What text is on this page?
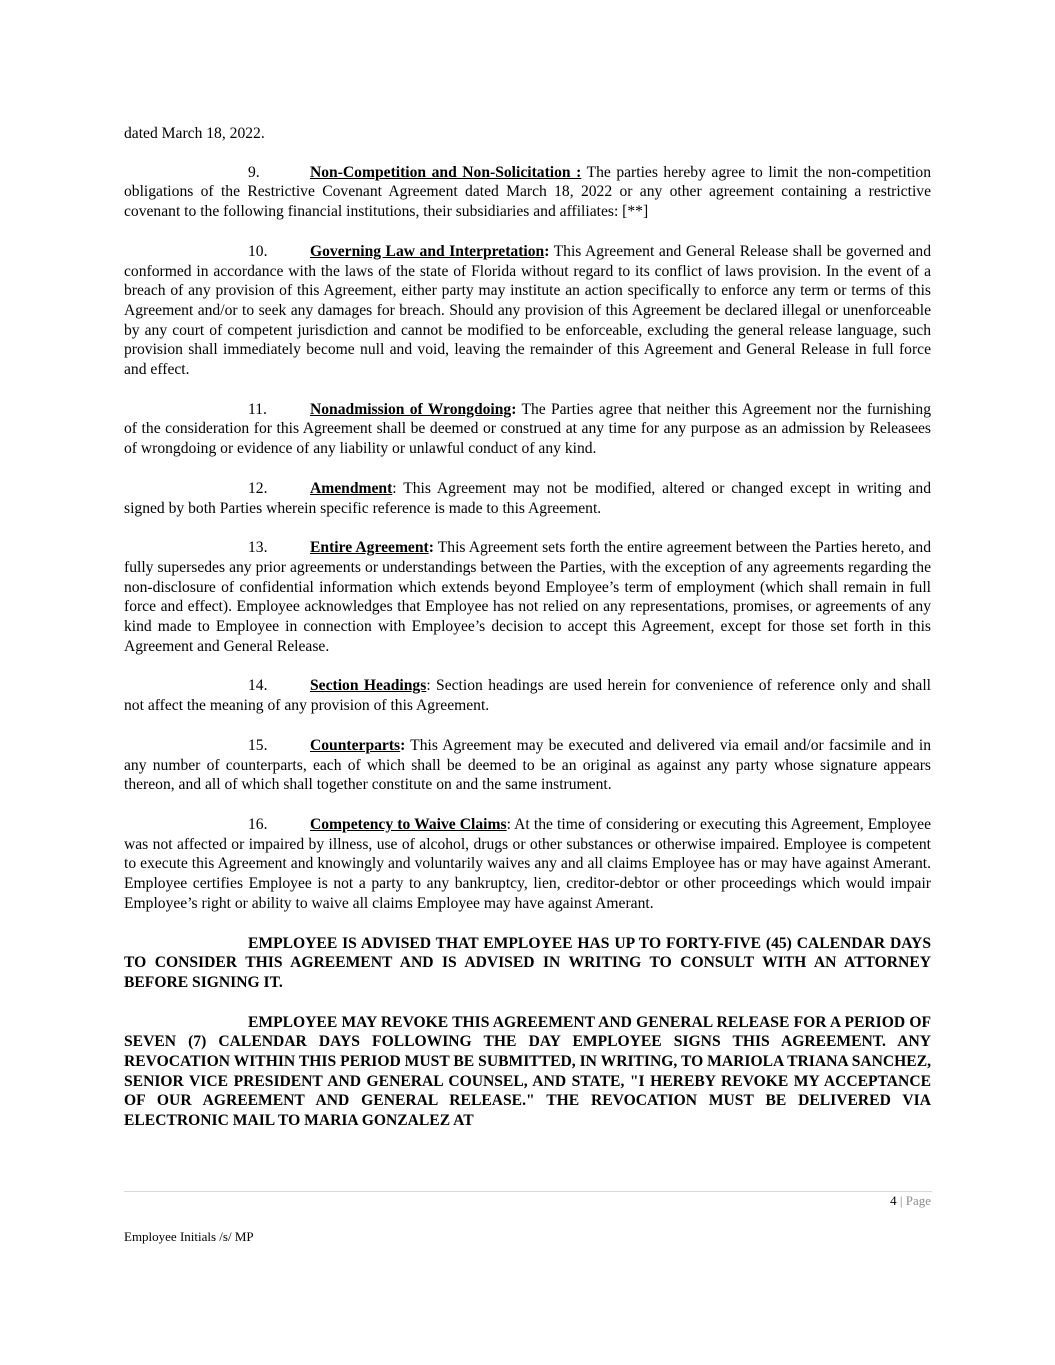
dated March 18, 2022.

9.	Non-Competition and Non-Solicitation : The parties hereby agree to limit the non-competition obligations of the Restrictive Covenant Agreement dated March 18, 2022 or any other agreement containing a restrictive covenant to the following financial institutions, their subsidiaries and affiliates: [**]

10.	Governing Law and Interpretation: This Agreement and General Release shall be governed and conformed in accordance with the laws of the state of Florida without regard to its conflict of laws provision. In the event of a breach of any provision of this Agreement, either party may institute an action specifically to enforce any term or terms of this Agreement and/or to seek any damages for breach. Should any provision of this Agreement be declared illegal or unenforceable by any court of competent jurisdiction and cannot be modified to be enforceable, excluding the general release language, such provision shall immediately become null and void, leaving the remainder of this Agreement and General Release in full force and effect.

11.	Nonadmission of Wrongdoing: The Parties agree that neither this Agreement nor the furnishing of the consideration for this Agreement shall be deemed or construed at any time for any purpose as an admission by Releasees of wrongdoing or evidence of any liability or unlawful conduct of any kind.

12.	Amendment: This Agreement may not be modified, altered or changed except in writing and signed by both Parties wherein specific reference is made to this Agreement.

13.	Entire Agreement: This Agreement sets forth the entire agreement between the Parties hereto, and fully supersedes any prior agreements or understandings between the Parties, with the exception of any agreements regarding the non-disclosure of confidential information which extends beyond Employee’s term of employment (which shall remain in full force and effect). Employee acknowledges that Employee has not relied on any representations, promises, or agreements of any kind made to Employee in connection with Employee’s decision to accept this Agreement, except for those set forth in this Agreement and General Release.

14.	Section Headings: Section headings are used herein for convenience of reference only and shall not affect the meaning of any provision of this Agreement.

15.	Counterparts: This Agreement may be executed and delivered via email and/or facsimile and in any number of counterparts, each of which shall be deemed to be an original as against any party whose signature appears thereon, and all of which shall together constitute on and the same instrument.

16.	Competency to Waive Claims: At the time of considering or executing this Agreement, Employee was not affected or impaired by illness, use of alcohol, drugs or other substances or otherwise impaired. Employee is competent to execute this Agreement and knowingly and voluntarily waives any and all claims Employee has or may have against Amerant. Employee certifies Employee is not a party to any bankruptcy, lien, creditor-debtor or other proceedings which would impair Employee’s right or ability to waive all claims Employee may have against Amerant.

EMPLOYEE IS ADVISED THAT EMPLOYEE HAS UP TO FORTY-FIVE (45) CALENDAR DAYS TO CONSIDER THIS AGREEMENT AND IS ADVISED IN WRITING TO CONSULT WITH AN ATTORNEY BEFORE SIGNING IT.

EMPLOYEE MAY REVOKE THIS AGREEMENT AND GENERAL RELEASE FOR A PERIOD OF SEVEN (7) CALENDAR DAYS FOLLOWING THE DAY EMPLOYEE SIGNS THIS AGREEMENT. ANY REVOCATION WITHIN THIS PERIOD MUST BE SUBMITTED, IN WRITING, TO MARIOLA TRIANA SANCHEZ, SENIOR VICE PRESIDENT AND GENERAL COUNSEL, AND STATE, "I HEREBY REVOKE MY ACCEPTANCE OF OUR AGREEMENT AND GENERAL RELEASE." THE REVOCATION MUST BE DELIVERED VIA ELECTRONIC MAIL TO MARIA GONZALEZ AT

4 | Page
Employee Initials /s/ MP
